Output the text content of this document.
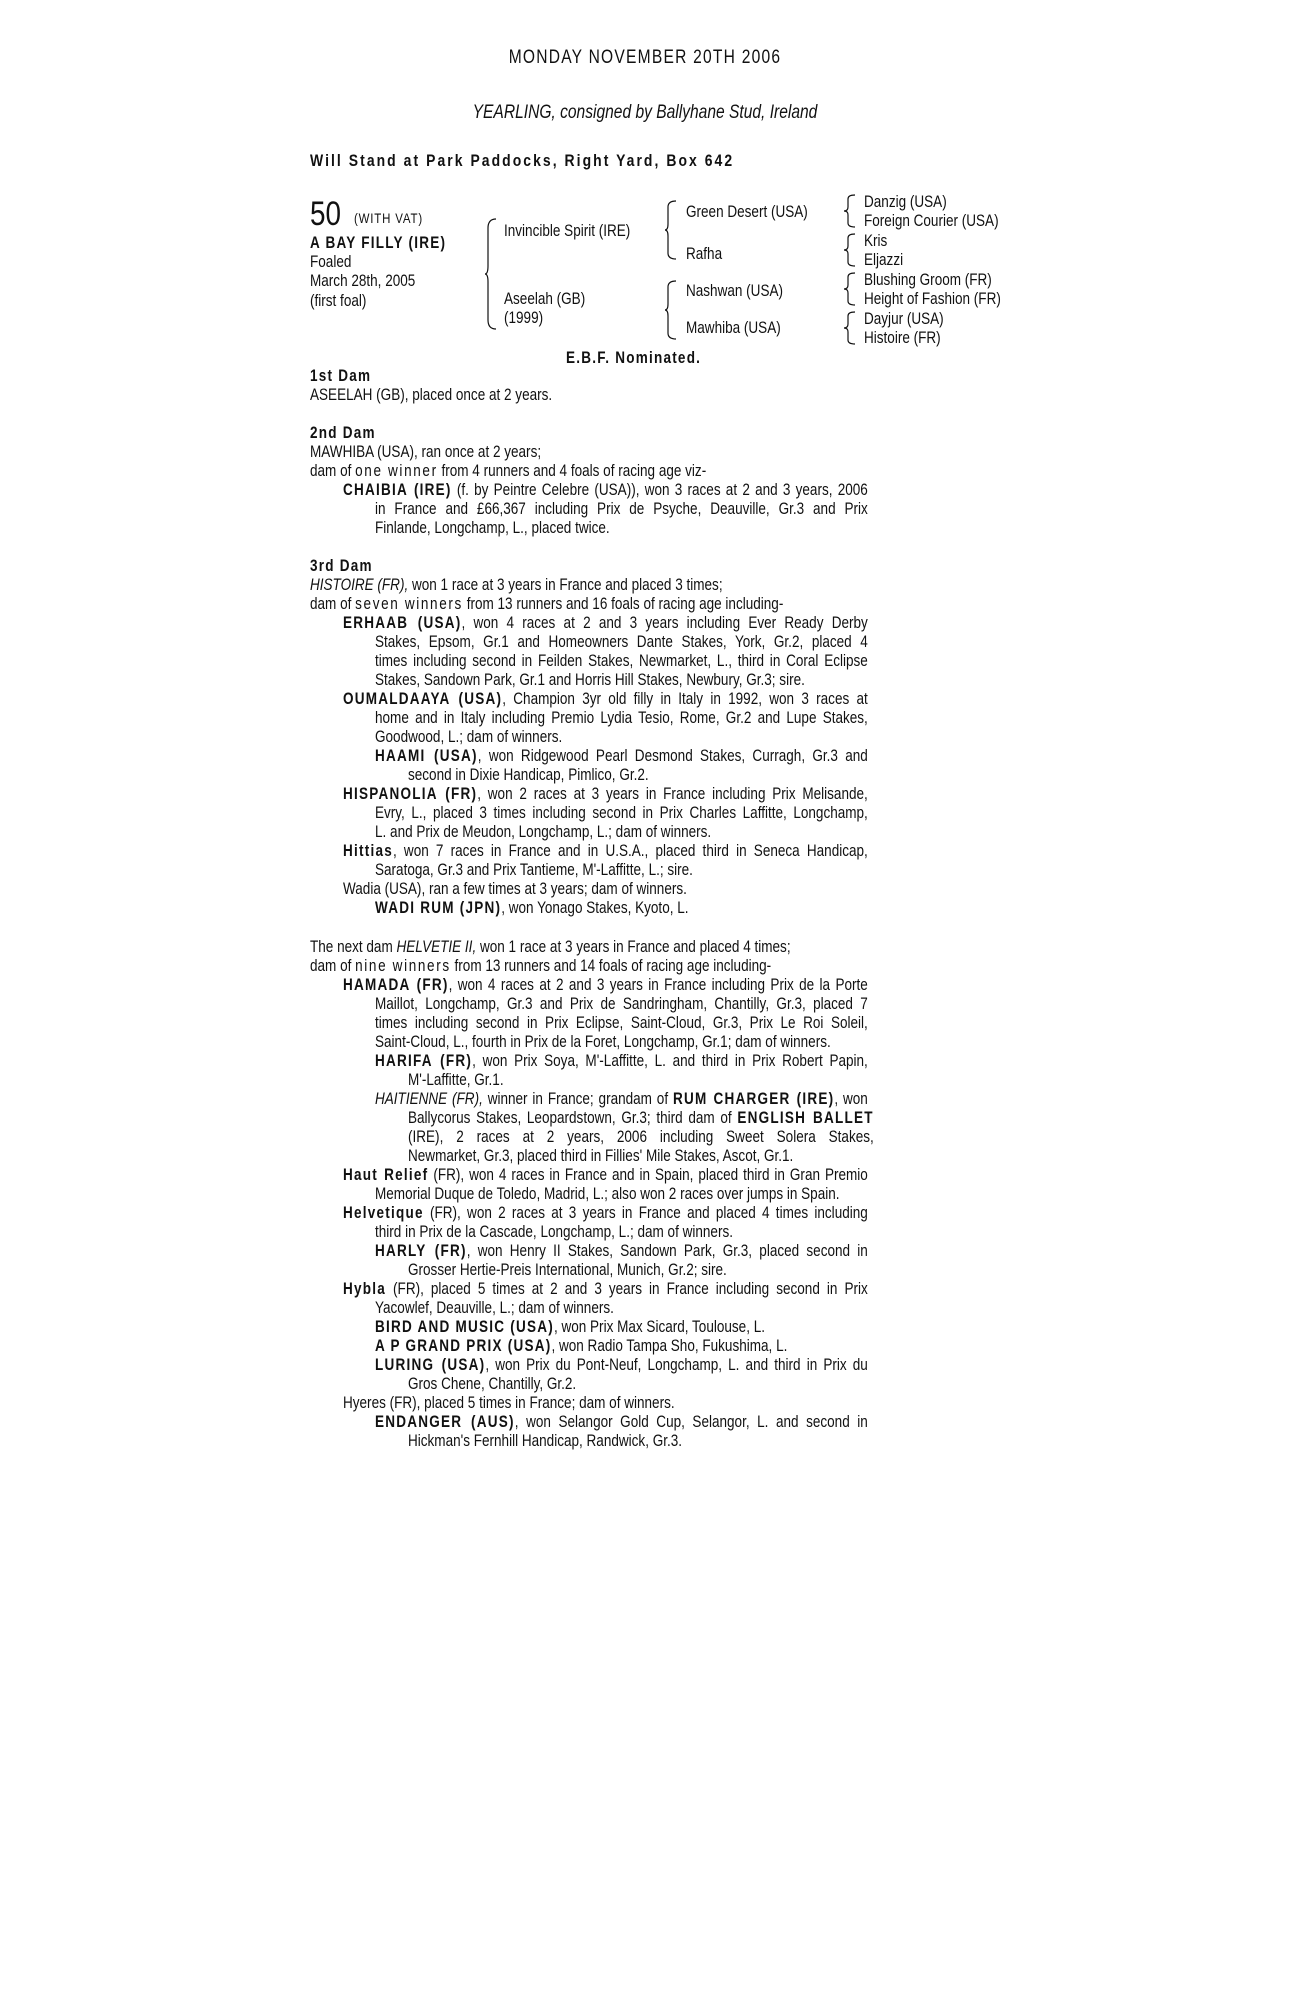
MONDAY NOVEMBER 20TH 2006
YEARLING, consigned by Ballyhane Stud, Ireland
Will Stand at Park Paddocks, Right Yard, Box 642
50 (WITH VAT)
A BAY FILLY (IRE)
Foaled
March 28th, 2005
(first foal)
Invincible Spirit (IRE)
Aseelah (GB)
(1999)
Green Desert (USA)
Rafha
Nashwan (USA)
Mawhiba (USA)
Danzig (USA)
Foreign Courier (USA)
Kris
Eljazzi
Blushing Groom (FR)
Height of Fashion (FR)
Dayjur (USA)
Histoire (FR)
E.B.F. Nominated.
1st Dam
ASEELAH (GB), placed once at 2 years.
2nd Dam
MAWHIBA (USA), ran once at 2 years;
dam of one winner from 4 runners and 4 foals of racing age viz-
CHAIBIA (IRE) (f. by Peintre Celebre (USA)), won 3 races at 2 and 3 years, 2006
in France and £66,367 including Prix de Psyche, Deauville, Gr.3 and Prix
Finlande, Longchamp, L., placed twice.
3rd Dam
HISTOIRE (FR), won 1 race at 3 years in France and placed 3 times;
dam of seven winners from 13 runners and 16 foals of racing age including-
ERHAAB (USA), won 4 races at 2 and 3 years including Ever Ready Derby
Stakes, Epsom, Gr.1 and Homeowners Dante Stakes, York, Gr.2, placed 4
times including second in Feilden Stakes, Newmarket, L., third in Coral Eclipse
Stakes, Sandown Park, Gr.1 and Horris Hill Stakes, Newbury, Gr.3; sire.
OUMALDAAYA (USA), Champion 3yr old filly in Italy in 1992, won 3 races at
home and in Italy including Premio Lydia Tesio, Rome, Gr.2 and Lupe Stakes,
Goodwood, L.; dam of winners.
HAAMI (USA), won Ridgewood Pearl Desmond Stakes, Curragh, Gr.3 and
second in Dixie Handicap, Pimlico, Gr.2.
HISPANOLIA (FR), won 2 races at 3 years in France including Prix Melisande,
Evry, L., placed 3 times including second in Prix Charles Laffitte, Longchamp,
L. and Prix de Meudon, Longchamp, L.; dam of winners.
Hittias, won 7 races in France and in U.S.A., placed third in Seneca Handicap,
Saratoga, Gr.3 and Prix Tantieme, M'-Laffitte, L.; sire.
Wadia (USA), ran a few times at 3 years; dam of winners.
WADI RUM (JPN), won Yonago Stakes, Kyoto, L.
The next dam HELVETIE II, won 1 race at 3 years in France and placed 4 times;
dam of nine winners from 13 runners and 14 foals of racing age including-
HAMADA (FR), won 4 races at 2 and 3 years in France including Prix de la Porte
Maillot, Longchamp, Gr.3 and Prix de Sandringham, Chantilly, Gr.3, placed 7
times including second in Prix Eclipse, Saint-Cloud, Gr.3, Prix Le Roi Soleil,
Saint-Cloud, L., fourth in Prix de la Foret, Longchamp, Gr.1; dam of winners.
HARIFA (FR), won Prix Soya, M'-Laffitte, L. and third in Prix Robert Papin,
M'-Laffitte, Gr.1.
HAITIENNE (FR), winner in France; grandam of RUM CHARGER (IRE), won
Ballycorus Stakes, Leopardstown, Gr.3; third dam of ENGLISH BALLET
(IRE), 2 races at 2 years, 2006 including Sweet Solera Stakes,
Newmarket, Gr.3, placed third in Fillies' Mile Stakes, Ascot, Gr.1.
Haut Relief (FR), won 4 races in France and in Spain, placed third in Gran Premio
Memorial Duque de Toledo, Madrid, L.; also won 2 races over jumps in Spain.
Helvetique (FR), won 2 races at 3 years in France and placed 4 times including
third in Prix de la Cascade, Longchamp, L.; dam of winners.
HARLY (FR), won Henry II Stakes, Sandown Park, Gr.3, placed second in
Grosser Hertie-Preis International, Munich, Gr.2; sire.
Hybla (FR), placed 5 times at 2 and 3 years in France including second in Prix
Yacowlef, Deauville, L.; dam of winners.
BIRD AND MUSIC (USA), won Prix Max Sicard, Toulouse, L.
A P GRAND PRIX (USA), won Radio Tampa Sho, Fukushima, L.
LURING (USA), won Prix du Pont-Neuf, Longchamp, L. and third in Prix du
Gros Chene, Chantilly, Gr.2.
Hyeres (FR), placed 5 times in France; dam of winners.
ENDANGER (AUS), won Selangor Gold Cup, Selangor, L. and second in
Hickman's Fernhill Handicap, Randwick, Gr.3.
